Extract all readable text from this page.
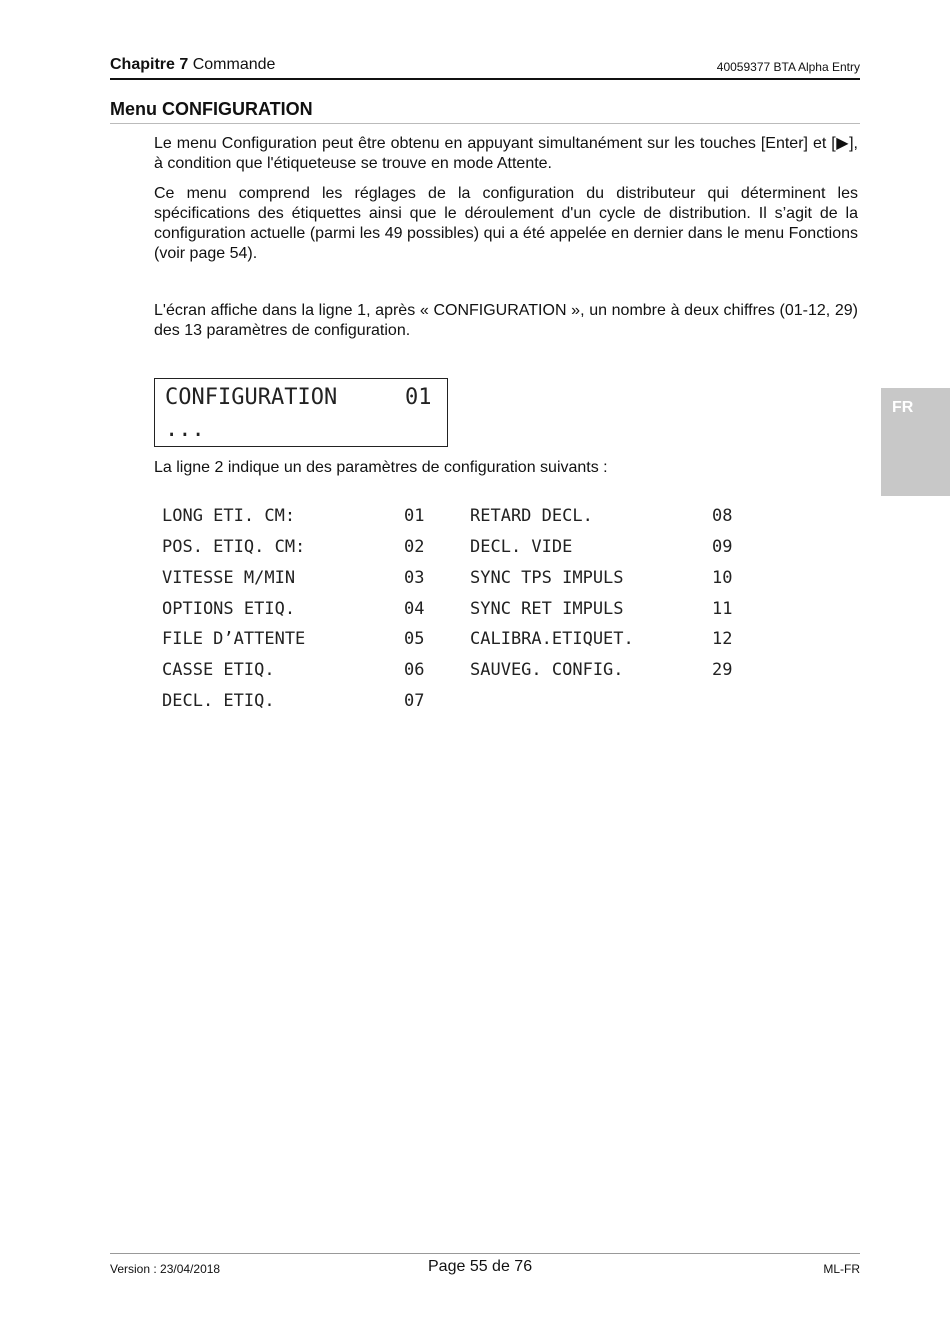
Chapitre 7 Commande	40059377 BTA Alpha Entry
Menu CONFIGURATION
Le menu Configuration peut être obtenu en appuyant simultanément sur les touches [Enter] et [▶], à condition que l'étiqueteuse se trouve en mode Attente.
Ce menu comprend les réglages de la configuration du distributeur qui déterminent les spécifications des étiquettes ainsi que le déroulement d'un cycle de distribution. Il s’agit de la configuration actuelle (parmi les 49 possibles) qui a été appelée en dernier dans le menu Fonctions (voir page 54).
L'écran affiche dans la ligne 1, après « CONFIGURATION », un nombre à deux chiffres (01-12, 29) des 13 paramètres de configuration.
CONFIGURATION	01
...
La ligne 2 indique un des paramètres de configuration suivants :
LONG ETI. CM:	01
POS. ETIQ. CM:	02
VITESSE M/MIN	03
OPTIONS ETIQ.	04
FILE D’ATTENTE	05
CASSE ETIQ.	06
DECL. ETIQ.	07
RETARD DECL.	08
DECL. VIDE	09
SYNC TPS IMPULS	10
SYNC RET IMPULS	11
CALIBRA.ETIQUET.	12
SAUVEG. CONFIG.	29
FR
Version : 23/04/2018	Page 55 de 76	ML-FR
